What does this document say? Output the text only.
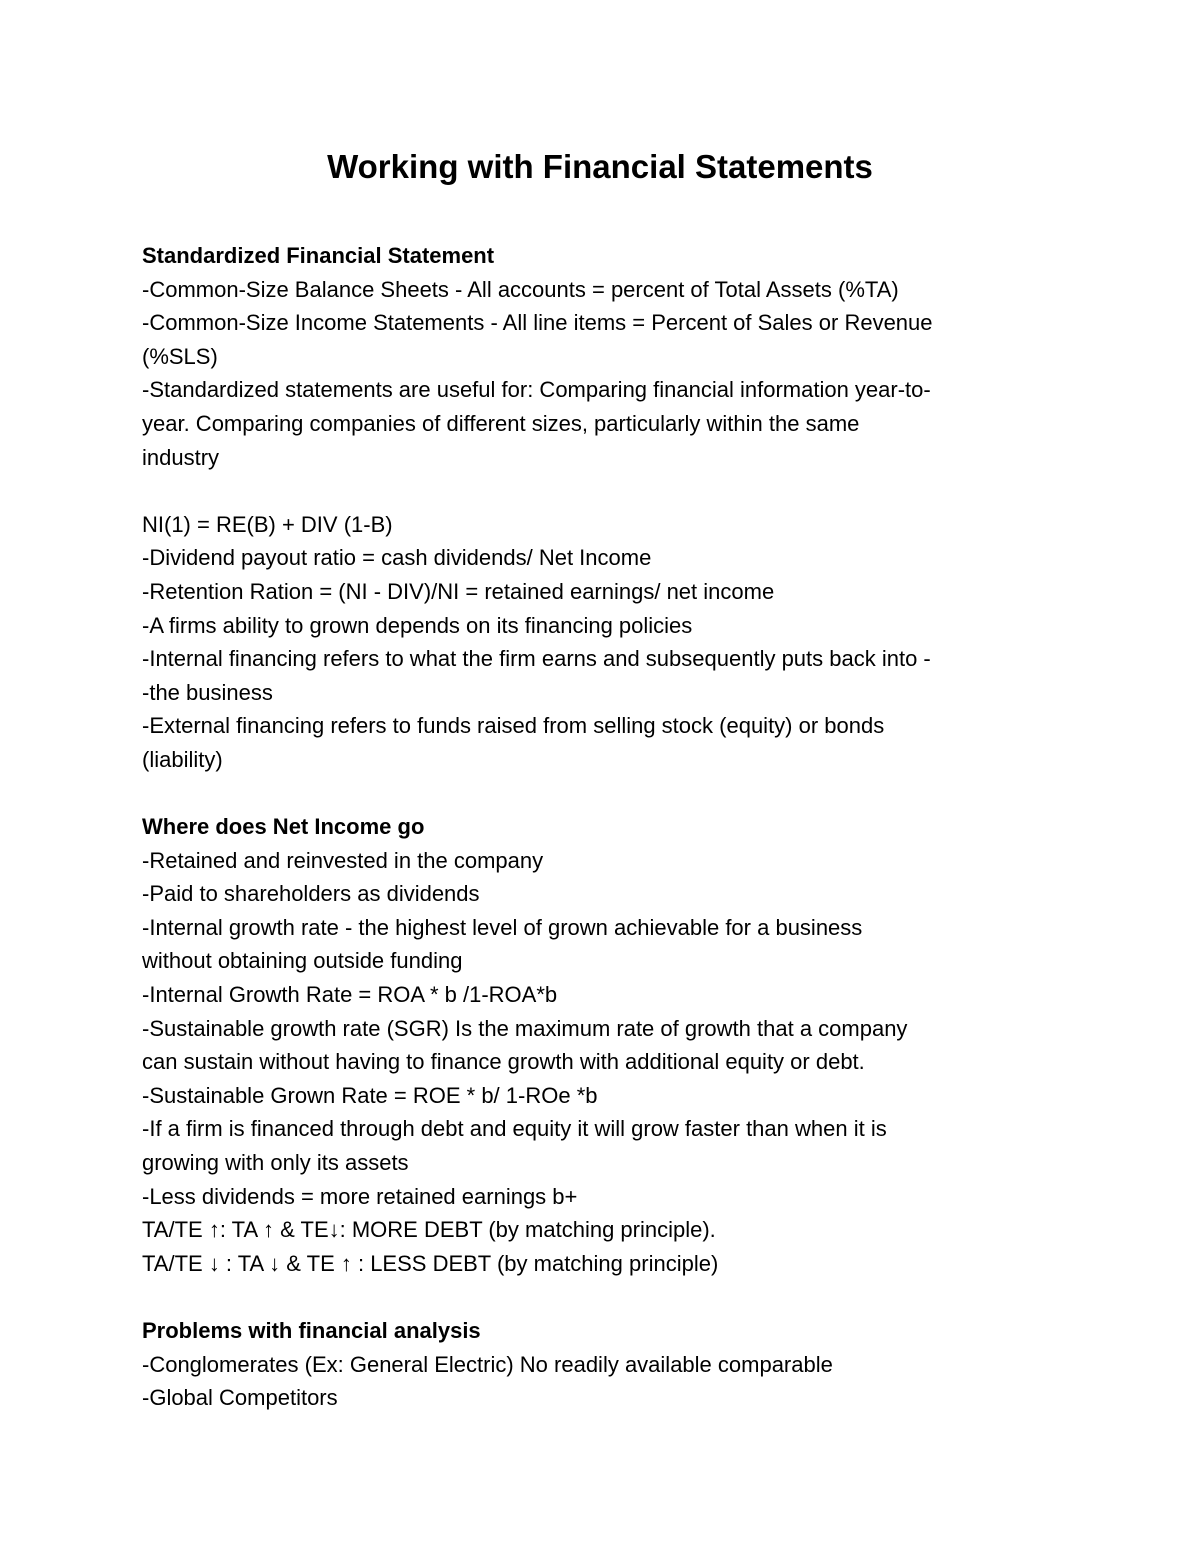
Working with Financial Statements

Standardized Financial Statement

-Common-Size Balance Sheets - All accounts = percent of Total Assets (%TA)

-Common-Size Income Statements - All line items = Percent of Sales or Revenue

(%SLS)

-Standardized statements are useful for: Comparing financial information year-to-

year. Comparing companies of different sizes, particularly within the same

industry

NI(1) = RE(B) + DIV (1-B)

-Dividend payout ratio = cash dividends/ Net Income

-Retention Ration = (NI - DIV)/NI = retained earnings/ net income

-A firms ability to grown depends on its financing policies

-Internal financing refers to what the firm earns and subsequently puts back into -

-the business

-External financing refers to funds raised from selling stock (equity) or bonds

(liability)

Where does Net Income go

-Retained and reinvested in the company

-Paid to shareholders as dividends

-Internal growth rate - the highest level of grown achievable for a business

without obtaining outside funding

-Internal Growth Rate = ROA * b /1-ROA*b

-Sustainable growth rate (SGR) Is the maximum rate of growth that a company

can sustain without having to finance growth with additional equity or debt.

-Sustainable Grown Rate = ROE * b/ 1-ROe *b

-If a firm is financed through debt and equity it will grow faster than when it is

growing with only its assets

-Less dividends = more retained earnings b+

TA/TE ↑: TA ↑ & TE↓: MORE DEBT (by matching principle).

TA/TE ↓ : TA ↓ & TE ↑ : LESS DEBT (by matching principle)

Problems with financial analysis

-Conglomerates (Ex: General Electric) No readily available comparable

-Global Competitors
